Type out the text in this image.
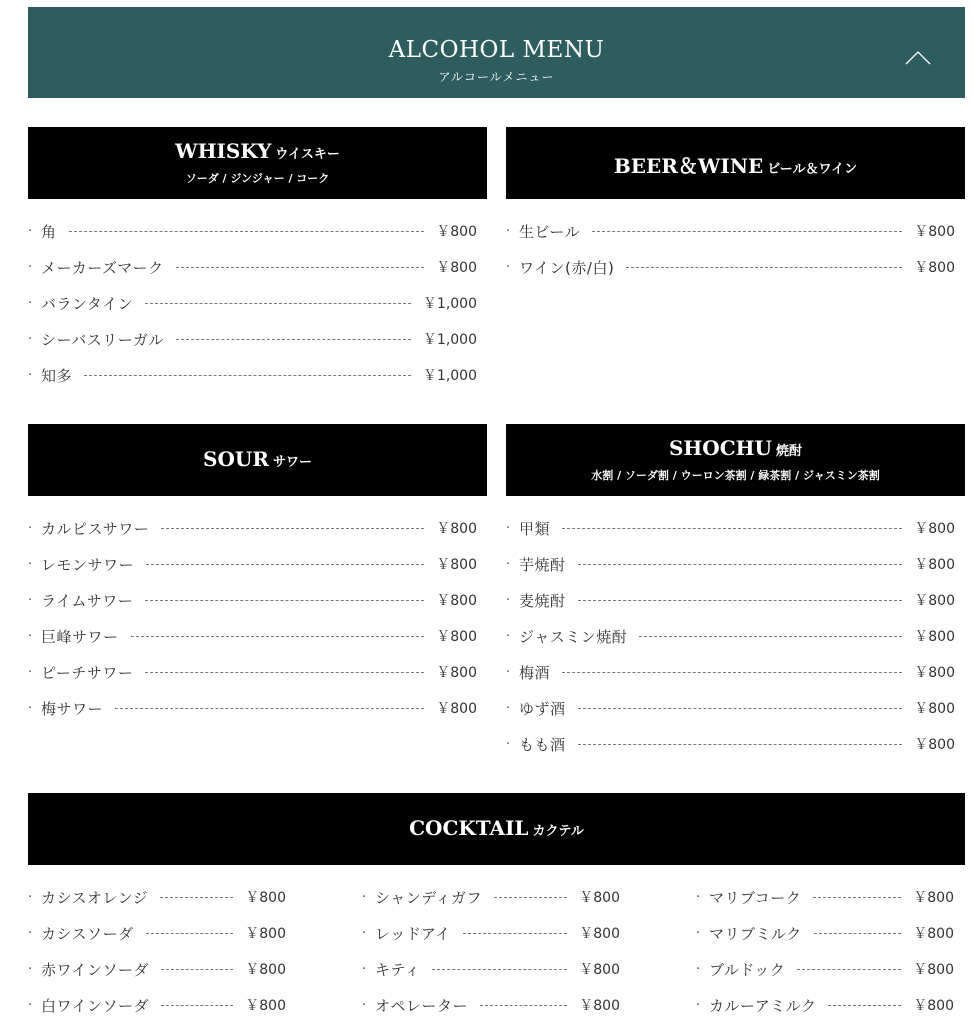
ALCOHOL MENU
アルコールメニュー
WHISKY ウイスキー
ソーダ / ジンジャー / コーク
· 角	￥800
· メーカーズマーク	￥800
· バランタイン	￥1,000
· シーバスリーガル	￥1,000
· 知多	￥1,000
BEER＆WINE ビール＆ワイン
· 生ビール	￥800
· ワイン(赤/白)	￥800
SOUR サワー
· カルピスサワー	￥800
· レモンサワー	￥800
· ライムサワー	￥800
· 巨峰サワー	￥800
· ピーチサワー	￥800
· 梅サワー	￥800
SHOCHU 焼酎
水割 / ソーダ割 / ウーロン茶割 / 緑茶割 / ジャスミン茶割
· 甲類	￥800
· 芋焼酎	￥800
· 麦焼酎	￥800
· ジャスミン焼酎	￥800
· 梅酒	￥800
· ゆず酒	￥800
· もも酒	￥800
COCKTAIL カクテル
· カシスオレンジ	￥800
· カシスソーダ	￥800
· 赤ワインソーダ	￥800
· 白ワインソーダ	￥800
· シャンディガフ	￥800
· レッドアイ	￥800
· キティ	￥800
· オペレーター	￥800
· マリブコーク	￥800
· マリブミルク	￥800
· ブルドック	￥800
· カルーアミルク	￥800
